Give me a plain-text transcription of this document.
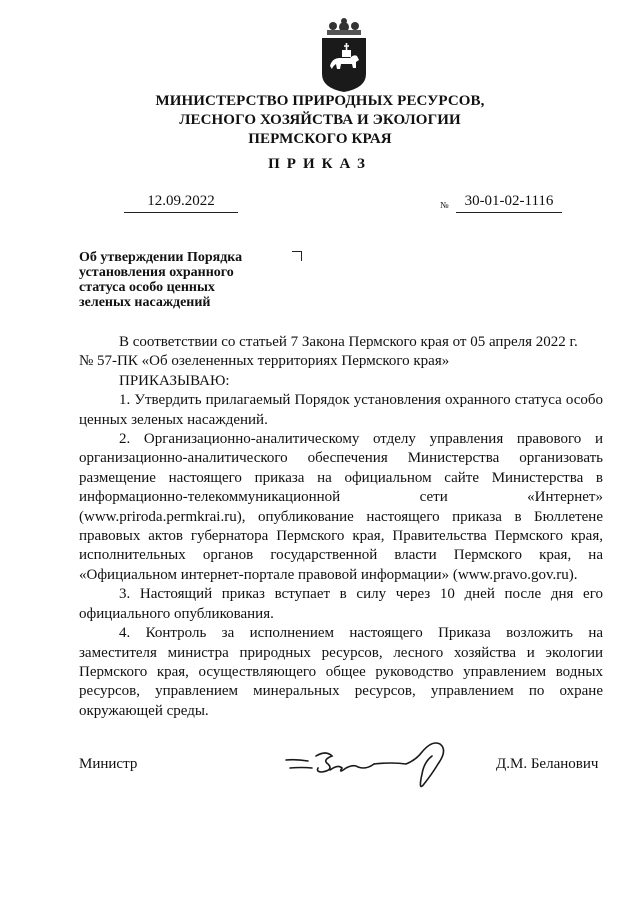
МИНИСТЕРСТВО ПРИРОДНЫХ РЕСУРСОВ,
ЛЕСНОГО ХОЗЯЙСТВА И ЭКОЛОГИИ
ПЕРМСКОГО КРАЯ
ПРИКАЗ
12.09.2022	№	30-01-02-1116
Об утверждении Порядка
установления охранного
статуса особо ценных
зеленых насаждений

В соответствии со статьей 7 Закона Пермского края от 05 апреля 2022 г.

№ 57-ПК «Об озелененных территориях Пермского края»

ПРИКАЗЫВАЮ:

1. Утвердить прилагаемый Порядок установления охранного статуса особо ценных зеленых насаждений.

2. Организационно-аналитическому отделу управления правового и организационно-аналитического обеспечения Министерства организовать размещение настоящего приказа на официальном сайте Министерства в информационно-телекоммуникационной сети «Интернет» (www.priroda.permkrai.ru), опубликование настоящего приказа в Бюллетене правовых актов губернатора Пермского края, Правительства Пермского края, исполнительных органов государственной власти Пермского края, на «Официальном интернет-портале правовой информации» (www.pravo.gov.ru).

3. Настоящий приказ вступает в силу через 10 дней после дня его официального опубликования.

4. Контроль за исполнением настоящего Приказа возложить на заместителя министра природных ресурсов, лесного хозяйства и экологии Пермского края, осуществляющего общее руководство управлением водных ресурсов, управлением минеральных ресурсов, управлением по охране окружающей среды.

Министр	Д.М. Беланович
